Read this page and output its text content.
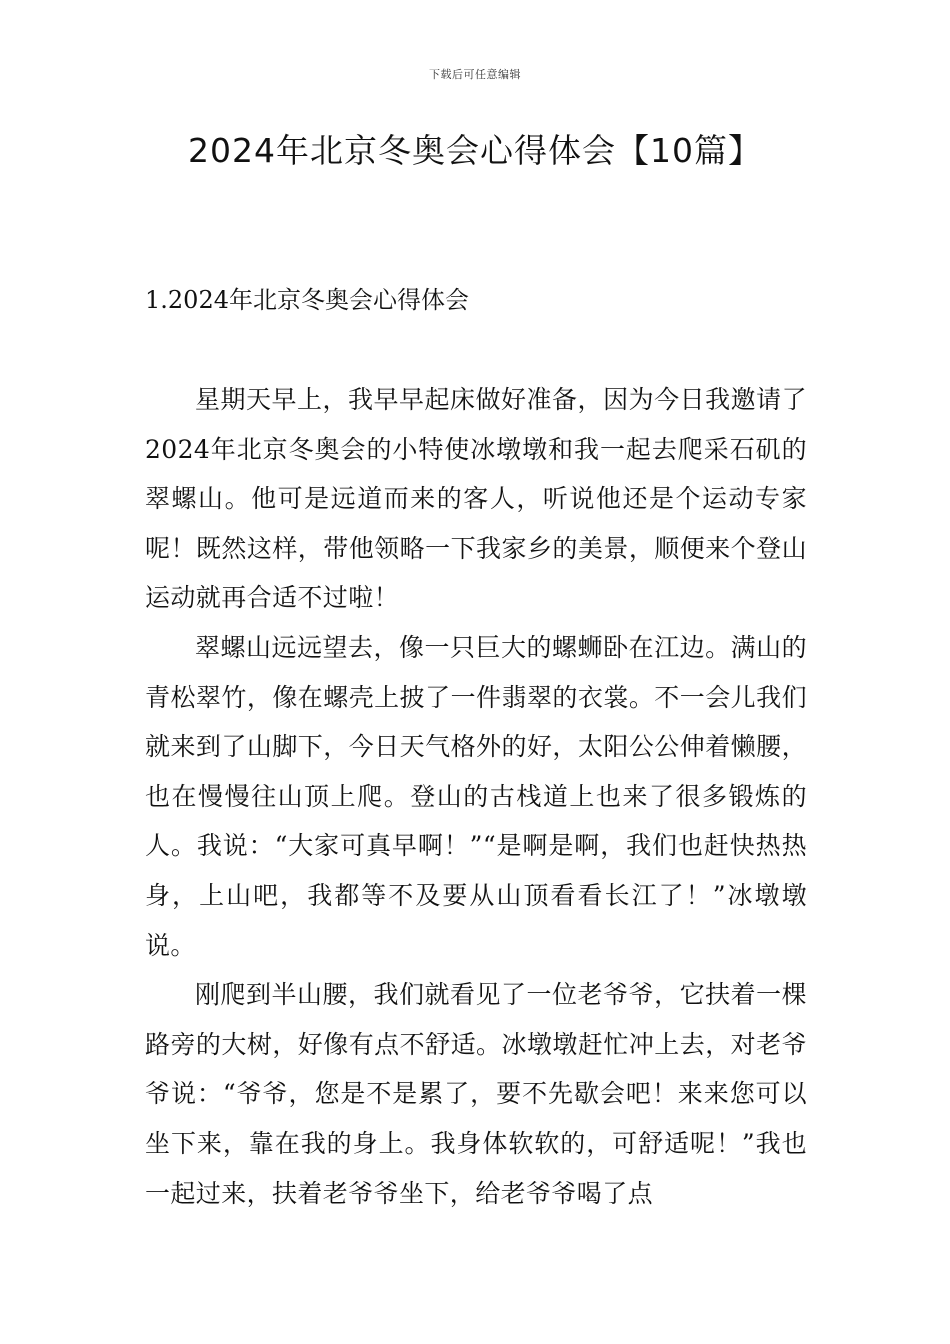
下载后可任意编辑
2024年北京冬奥会心得体会【10篇】
1.2024年北京冬奥会心得体会

星期天早上，我早早起床做好准备，因为今日我邀请了2024年北京冬奥会的小特使冰墩墩和我一起去爬采石矶的翠螺山。他可是远道而来的客人，听说他还是个运动专家呢！既然这样，带他领略一下我家乡的美景，顺便来个登山运动就再合适不过啦！

翠螺山远远望去，像一只巨大的螺蛳卧在江边。满山的青松翠竹，像在螺壳上披了一件翡翠的衣裳。不一会儿我们就来到了山脚下，今日天气格外的好，太阳公公伸着懒腰，也在慢慢往山顶上爬。登山的古栈道上也来了很多锻炼的人。我说：“大家可真早啊！”“是啊是啊，我们也赶快热热身，上山吧，我都等不及要从山顶看看长江了！”冰墩墩说。

刚爬到半山腰，我们就看见了一位老爷爷，它扶着一棵路旁的大树，好像有点不舒适。冰墩墩赶忙冲上去，对老爷爷说：“爷爷，您是不是累了，要不先歇会吧！来来您可以坐下来，靠在我的身上。我身体软软的，可舒适呢！”我也一起过来，扶着老爷爷坐下，给老爷爷喝了点
